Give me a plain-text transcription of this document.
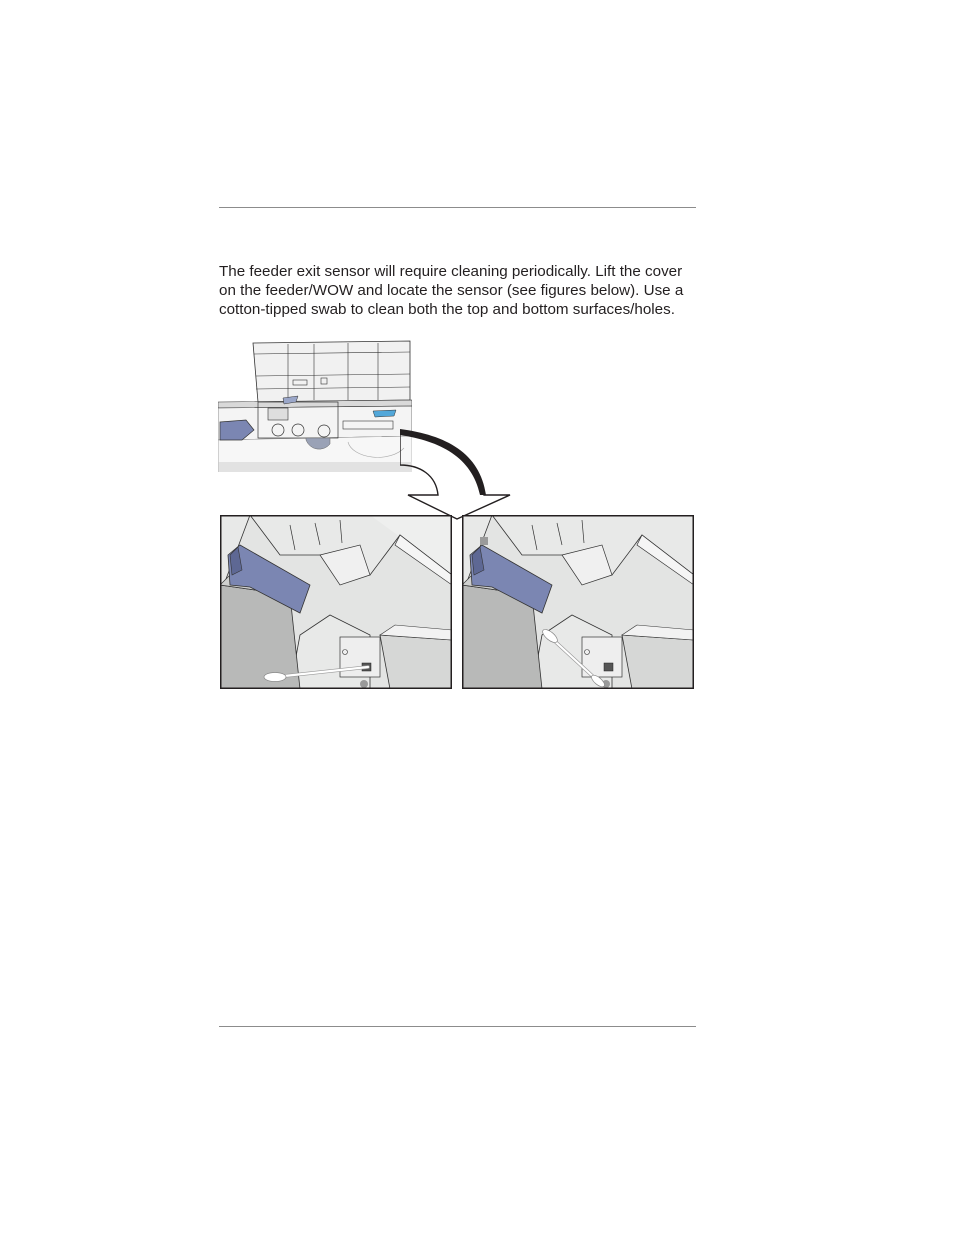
The feeder exit sensor will require cleaning periodically. Lift the cover
on the feeder/WOW and locate the sensor (see figures below). Use a
cotton-tipped swab to clean both the top and bottom surfaces/holes.
